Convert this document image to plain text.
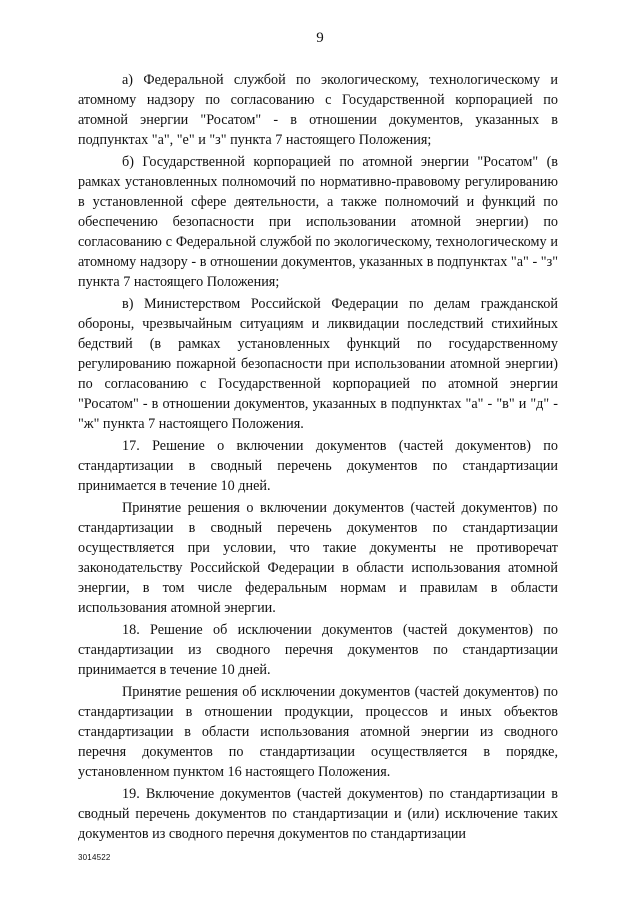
9

а) Федеральной службой по экологическому, технологическому и атомному надзору по согласованию с Государственной корпорацией по атомной энергии "Росатом" - в отношении документов, указанных в подпунктах "а", "е" и "з" пункта 7 настоящего Положения;

б) Государственной корпорацией по атомной энергии "Росатом" (в рамках установленных полномочий по нормативно-правовому регулированию в установленной сфере деятельности, а также полномочий и функций по обеспечению безопасности при использовании атомной энергии) по согласованию с Федеральной службой по экологическому, технологическому и атомному надзору - в отношении документов, указанных в подпунктах "а" - "з" пункта 7 настоящего Положения;

в) Министерством Российской Федерации по делам гражданской обороны, чрезвычайным ситуациям и ликвидации последствий стихийных бедствий (в рамках установленных функций по государственному регулированию пожарной безопасности при использовании атомной энергии) по согласованию с Государственной корпорацией по атомной энергии "Росатом" - в отношении документов, указанных в подпунктах "а" - "в" и "д" - "ж" пункта 7 настоящего Положения.

17. Решение о включении документов (частей документов) по стандартизации в сводный перечень документов по стандартизации принимается в течение 10 дней.

Принятие решения о включении документов (частей документов) по стандартизации в сводный перечень документов по стандартизации осуществляется при условии, что такие документы не противоречат законодательству Российской Федерации в области использования атомной энергии, в том числе федеральным нормам и правилам в области использования атомной энергии.

18. Решение об исключении документов (частей документов) по стандартизации из сводного перечня документов по стандартизации принимается в течение 10 дней.

Принятие решения об исключении документов (частей документов) по стандартизации в отношении продукции, процессов и иных объектов стандартизации в области использования атомной энергии из сводного перечня документов по стандартизации осуществляется в порядке, установленном пунктом 16 настоящего Положения.

19. Включение документов (частей документов) по стандартизации в сводный перечень документов по стандартизации и (или) исключение таких документов из сводного перечня документов по стандартизации

3014522
